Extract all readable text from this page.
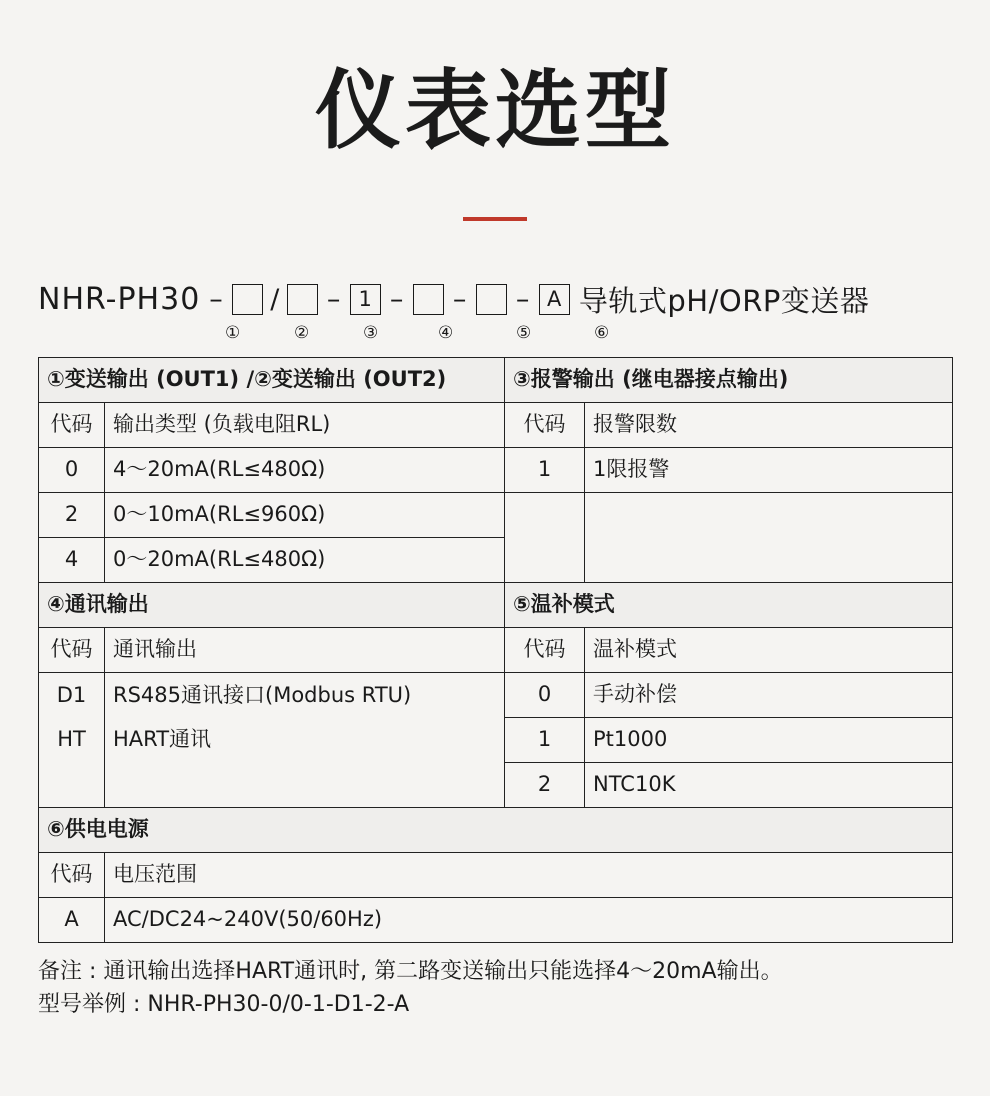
仪表选型
NHR-PH30 – / – 1 – – – A 导轨式pH/ORP变送器
①	②	③	④	⑤	⑥
①变送输出 (OUT1) /②变送输出 (OUT2)		③报警输出 (继电器接点输出)	
代码	输出类型 (负载电阻RL)	代码	报警限数
0	4～20mA(RL≤480Ω)	1	1限报警
2	0～10mA(RL≤960Ω)		
4	0～20mA(RL≤480Ω)		
④通讯输出		⑤温补模式	
代码	通讯输出	代码	温补模式
D1	RS485通讯接口(Modbus RTU)	0	手动补偿
HT	HART通讯	1	Pt1000
		2	NTC10K
⑥供电电源			
代码	电压范围		
A	AC/DC24~240V(50/60Hz)		
备注 : 通讯输出选择HART通讯时, 第二路变送输出只能选择4～20mA输出。
型号举例 : NHR-PH30-0/0-1-D1-2-A
